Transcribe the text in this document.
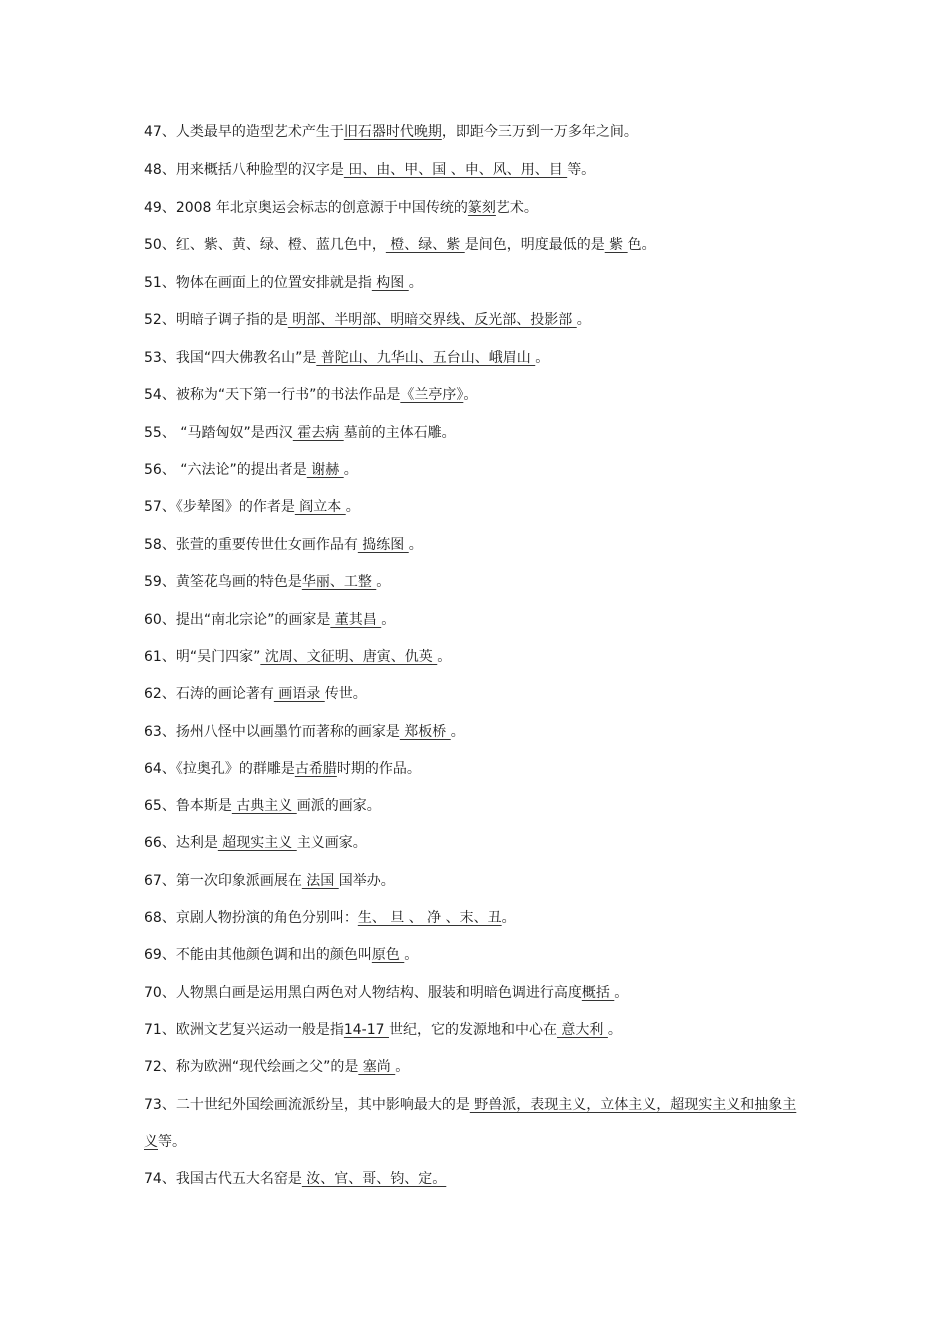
47、人类最早的造型艺术产生于旧石器时代晚期，即距今三万到一万多年之间。
48、用来概括八种脸型的汉字是 田、由、甲、国 、申、风、用、目 等。
49、2008 年北京奥运会标志的创意源于中国传统的篆刻艺术。
50、红、紫、黄、绿、橙、蓝几色中， 橙、绿、紫 是间色，明度最低的是 紫 色。
51、物体在画面上的位置安排就是指 构图 。
52、明暗子调子指的是 明部、半明部、明暗交界线、反光部、投影部 。
53、我国“四大佛教名山”是 普陀山、九华山、五台山、峨眉山 。
54、被称为“天下第一行书”的书法作品是《兰亭序》。
55、 “马踏匈奴”是西汉 霍去病 墓前的主体石雕。
56、 “六法论”的提出者是 谢赫 。
57、《步辇图》的作者是 阎立本 。
58、张萱的重要传世仕女画作品有 捣练图 。
59、黄筌花鸟画的特色是华丽、工整 。
60、提出“南北宗论”的画家是 董其昌 。
61、明“吴门四家” 沈周、文征明、唐寅、仇英 。
62、石涛的画论著有 画语录 传世。
63、扬州八怪中以画墨竹而著称的画家是 郑板桥 。
64、《拉奥孔》的群雕是古希腊时期的作品。
65、鲁本斯是 古典主义 画派的画家。
66、达利是 超现实主义 主义画家。
67、第一次印象派画展在 法国 国举办。
68、京剧人物扮演的角色分别叫：生、 旦 、 净 、末、丑。
69、不能由其他颜色调和出的颜色叫原色 。
70、人物黑白画是运用黑白两色对人物结构、服装和明暗色调进行高度概括 。
71、欧洲文艺复兴运动一般是指14-17 世纪，它的发源地和中心在 意大利 。
72、称为欧洲“现代绘画之父”的是 塞尚 。
73、二十世纪外国绘画流派纷呈，其中影响最大的是 野兽派，表现主义，立体主义，超现实主义和抽象主
义等。
74、我国古代五大名窑是 汝、官、哥、钧、定。
